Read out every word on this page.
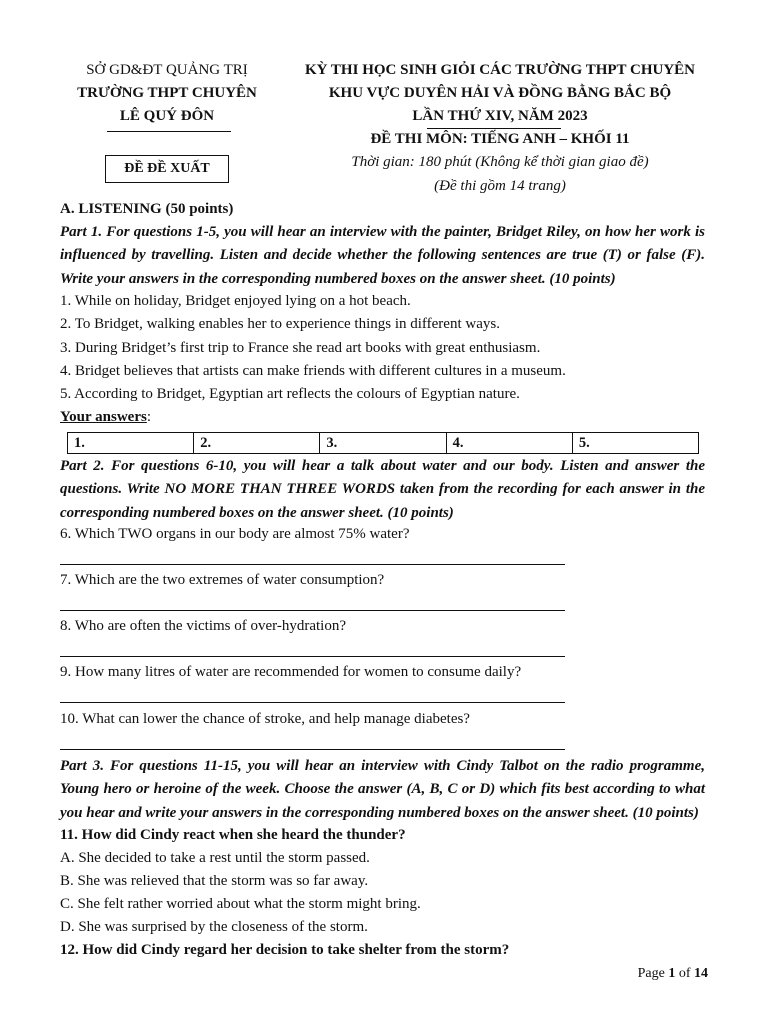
SỞ GD&ĐT QUẢNG TRỊ
TRƯỜNG THPT CHUYÊN
LÊ QUÝ ĐÔN
ĐỀ ĐỀ XUẤT
KỲ THI HỌC SINH GIỎI CÁC TRƯỜNG THPT CHUYÊN
KHU VỰC DUYÊN HẢI VÀ ĐỒNG BẰNG BẮC BỘ
LẦN THỨ XIV, NĂM 2023
ĐỀ THI MÔN: TIẾNG ANH – KHỐI 11
Thời gian: 180 phút (Không kể thời gian giao đề)
(Đề thi gồm 14 trang)
A. LISTENING (50 points)
Part 1. For questions 1-5, you will hear an interview with the painter, Bridget Riley, on how her work is influenced by travelling. Listen and decide whether the following sentences are true (T) or false (F). Write your answers in the corresponding numbered boxes on the answer sheet. (10 points)
1. While on holiday, Bridget enjoyed lying on a hot beach.
2. To Bridget, walking enables her to experience things in different ways.
3. During Bridget’s first trip to France she read art books with great enthusiasm.
4. Bridget believes that artists can make friends with different cultures in a museum.
5. According to Bridget, Egyptian art reflects the colours of Egyptian nature.
Your answers:
1.	2.	3.	4.	5.
Part 2. For questions 6-10, you will hear a talk about water and our body. Listen and answer the questions. Write NO MORE THAN THREE WORDS taken from the recording for each answer in the corresponding numbered boxes on the answer sheet. (10 points)
6. Which TWO organs in our body are almost 75% water?
7. Which are the two extremes of water consumption?
8. Who are often the victims of over-hydration?
9. How many litres of water are recommended for women to consume daily?
10. What can lower the chance of stroke, and help manage diabetes?
Part 3. For questions 11-15, you will hear an interview with Cindy Talbot on the radio programme, Young hero or heroine of the week. Choose the answer (A, B, C or D) which fits best according to what you hear and write your answers in the corresponding numbered boxes on the answer sheet. (10 points)
11. How did Cindy react when she heard the thunder?
A. She decided to take a rest until the storm passed.
B. She was relieved that the storm was so far away.
C. She felt rather worried about what the storm might bring.
D. She was surprised by the closeness of the storm.
12. How did Cindy regard her decision to take shelter from the storm?
Page 1 of 14
